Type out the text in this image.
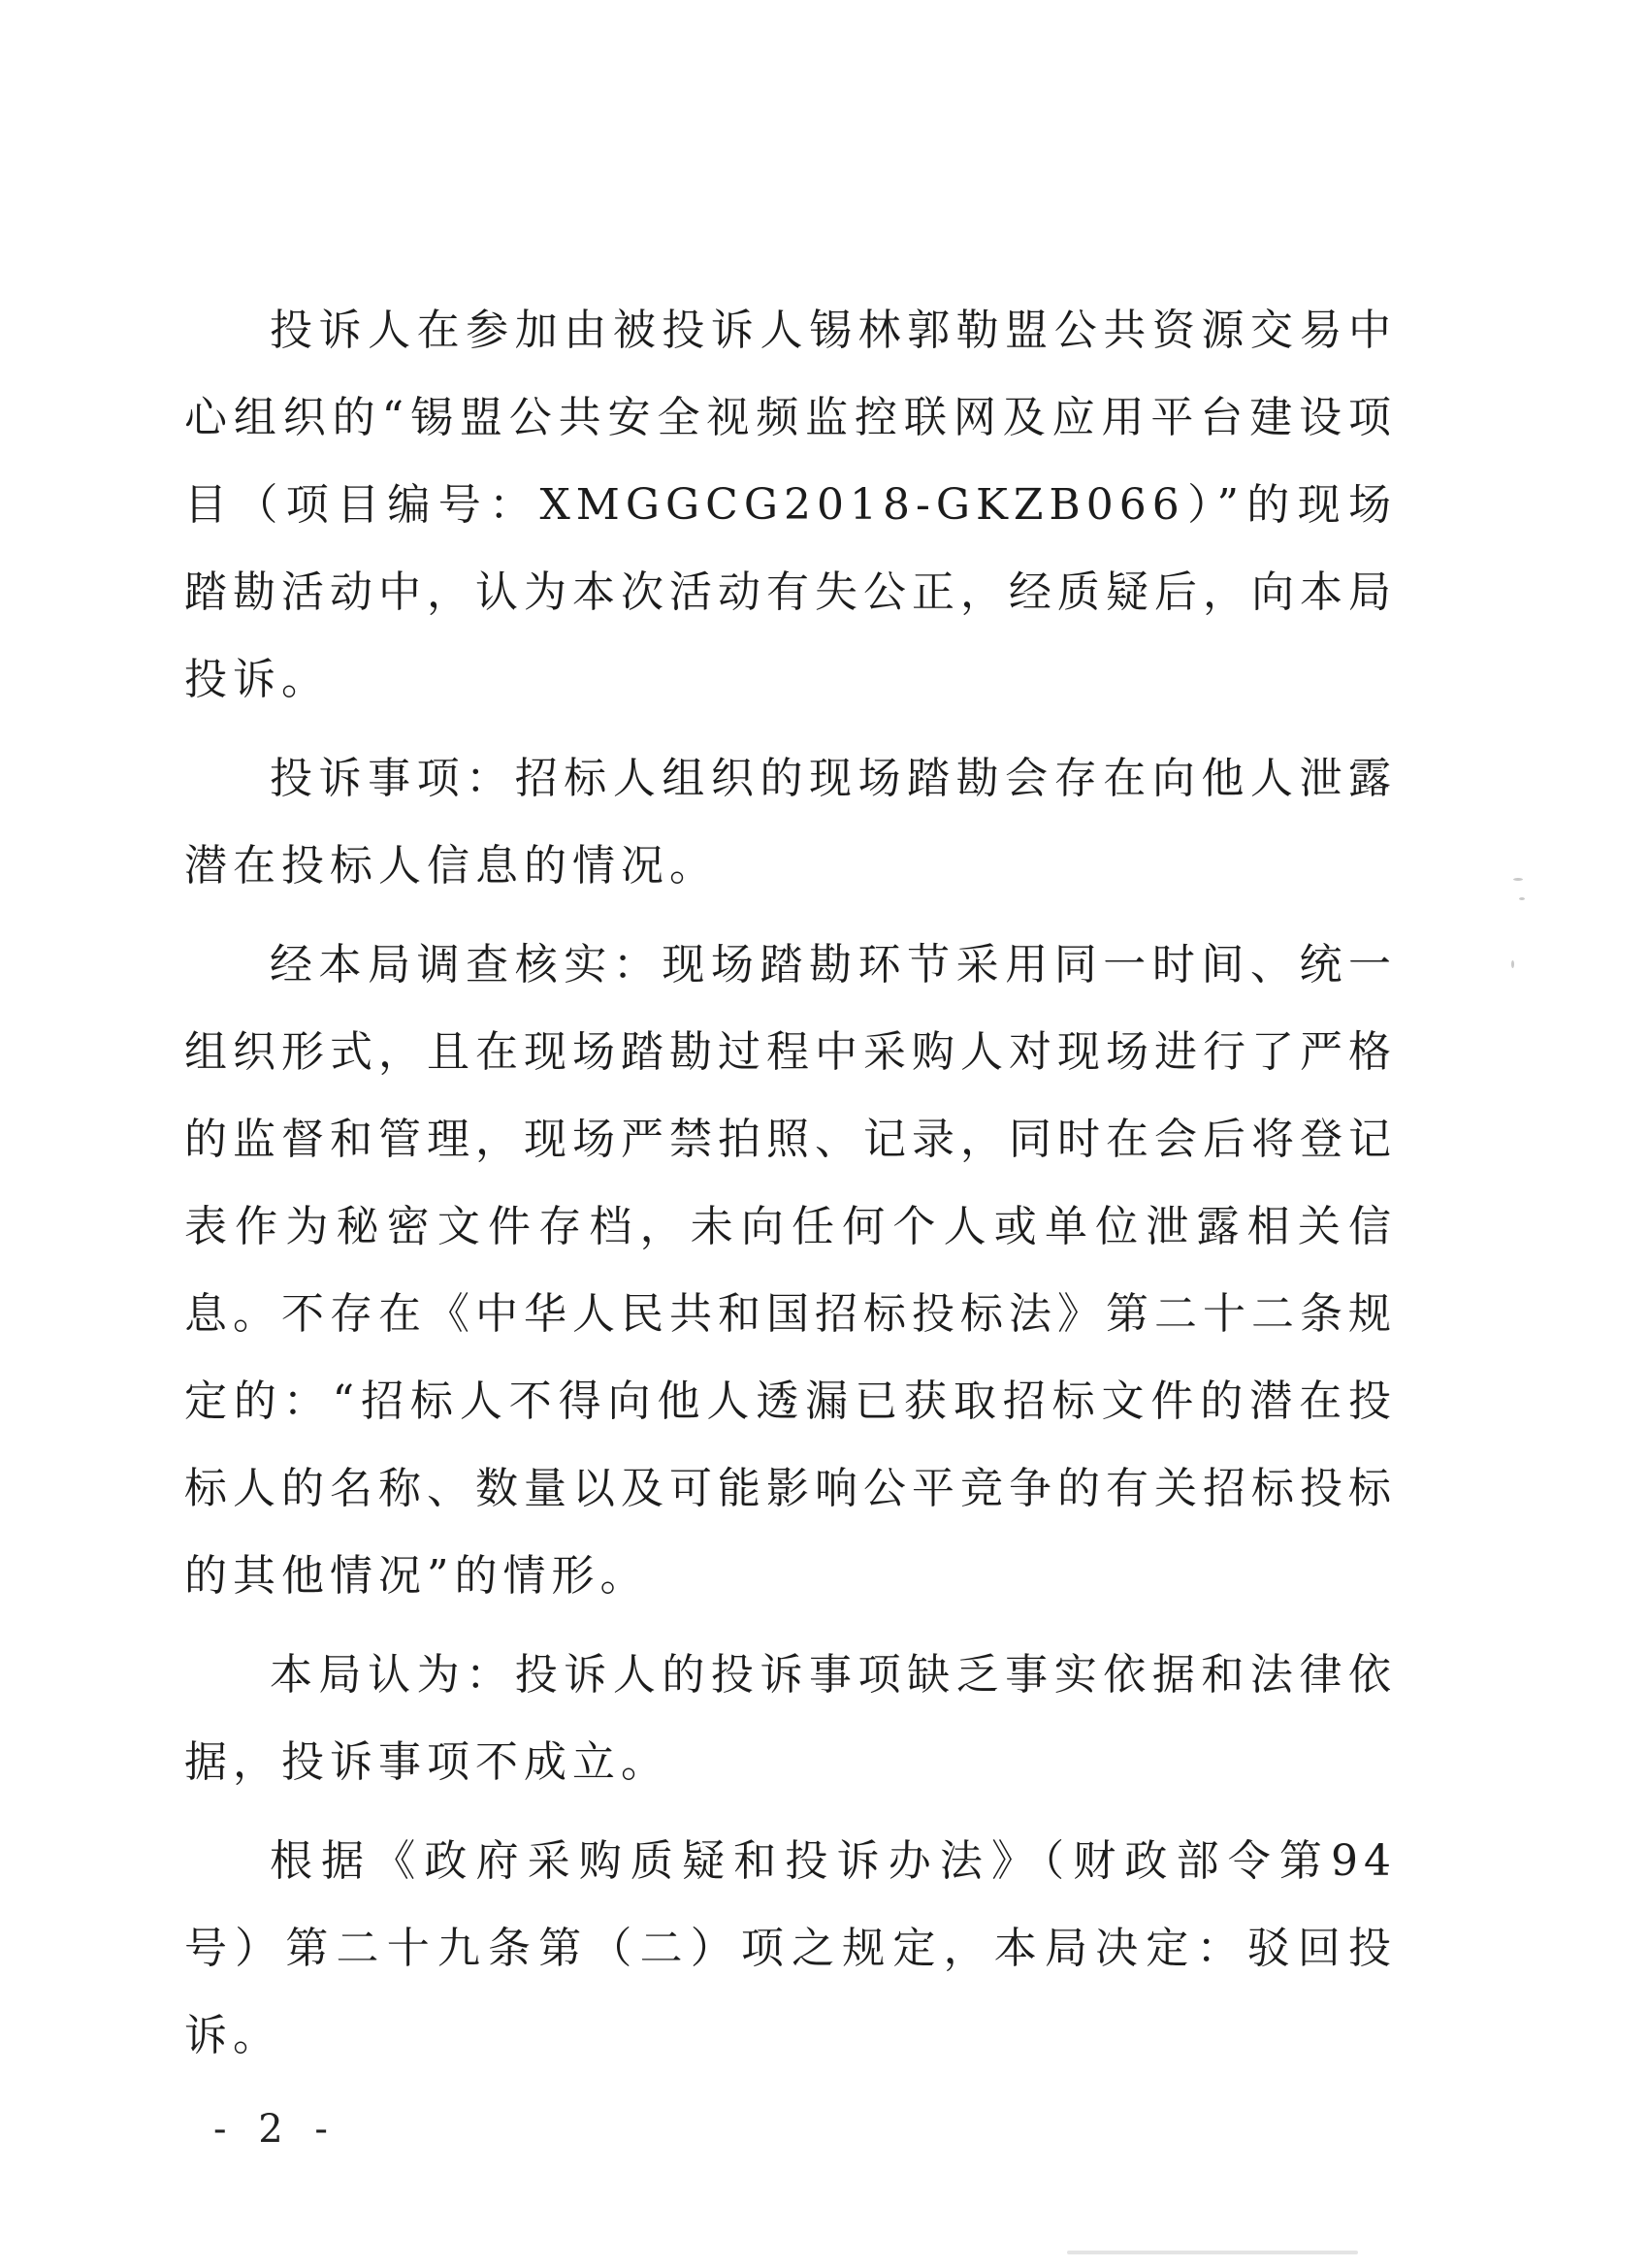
投诉人在参加由被投诉人锡林郭勒盟公共资源交易中心组织的“锡盟公共安全视频监控联网及应用平台建设项目（项目编号：XMGGCG2018-GKZB066）”的现场踏勘活动中，认为本次活动有失公正，经质疑后，向本局投诉。

投诉事项：招标人组织的现场踏勘会存在向他人泄露潜在投标人信息的情况。

经本局调查核实：现场踏勘环节采用同一时间、统一组织形式，且在现场踏勘过程中采购人对现场进行了严格的监督和管理，现场严禁拍照、记录，同时在会后将登记表作为秘密文件存档，未向任何个人或单位泄露相关信息。不存在《中华人民共和国招标投标法》第二十二条规定的：“招标人不得向他人透漏已获取招标文件的潜在投标人的名称、数量以及可能影响公平竞争的有关招标投标的其他情况”的情形。

本局认为：投诉人的投诉事项缺乏事实依据和法律依据，投诉事项不成立。

根据《政府采购质疑和投诉办法》（财政部令第94号）第二十九条第（二）项之规定，本局决定：驳回投诉。

- 2 -
